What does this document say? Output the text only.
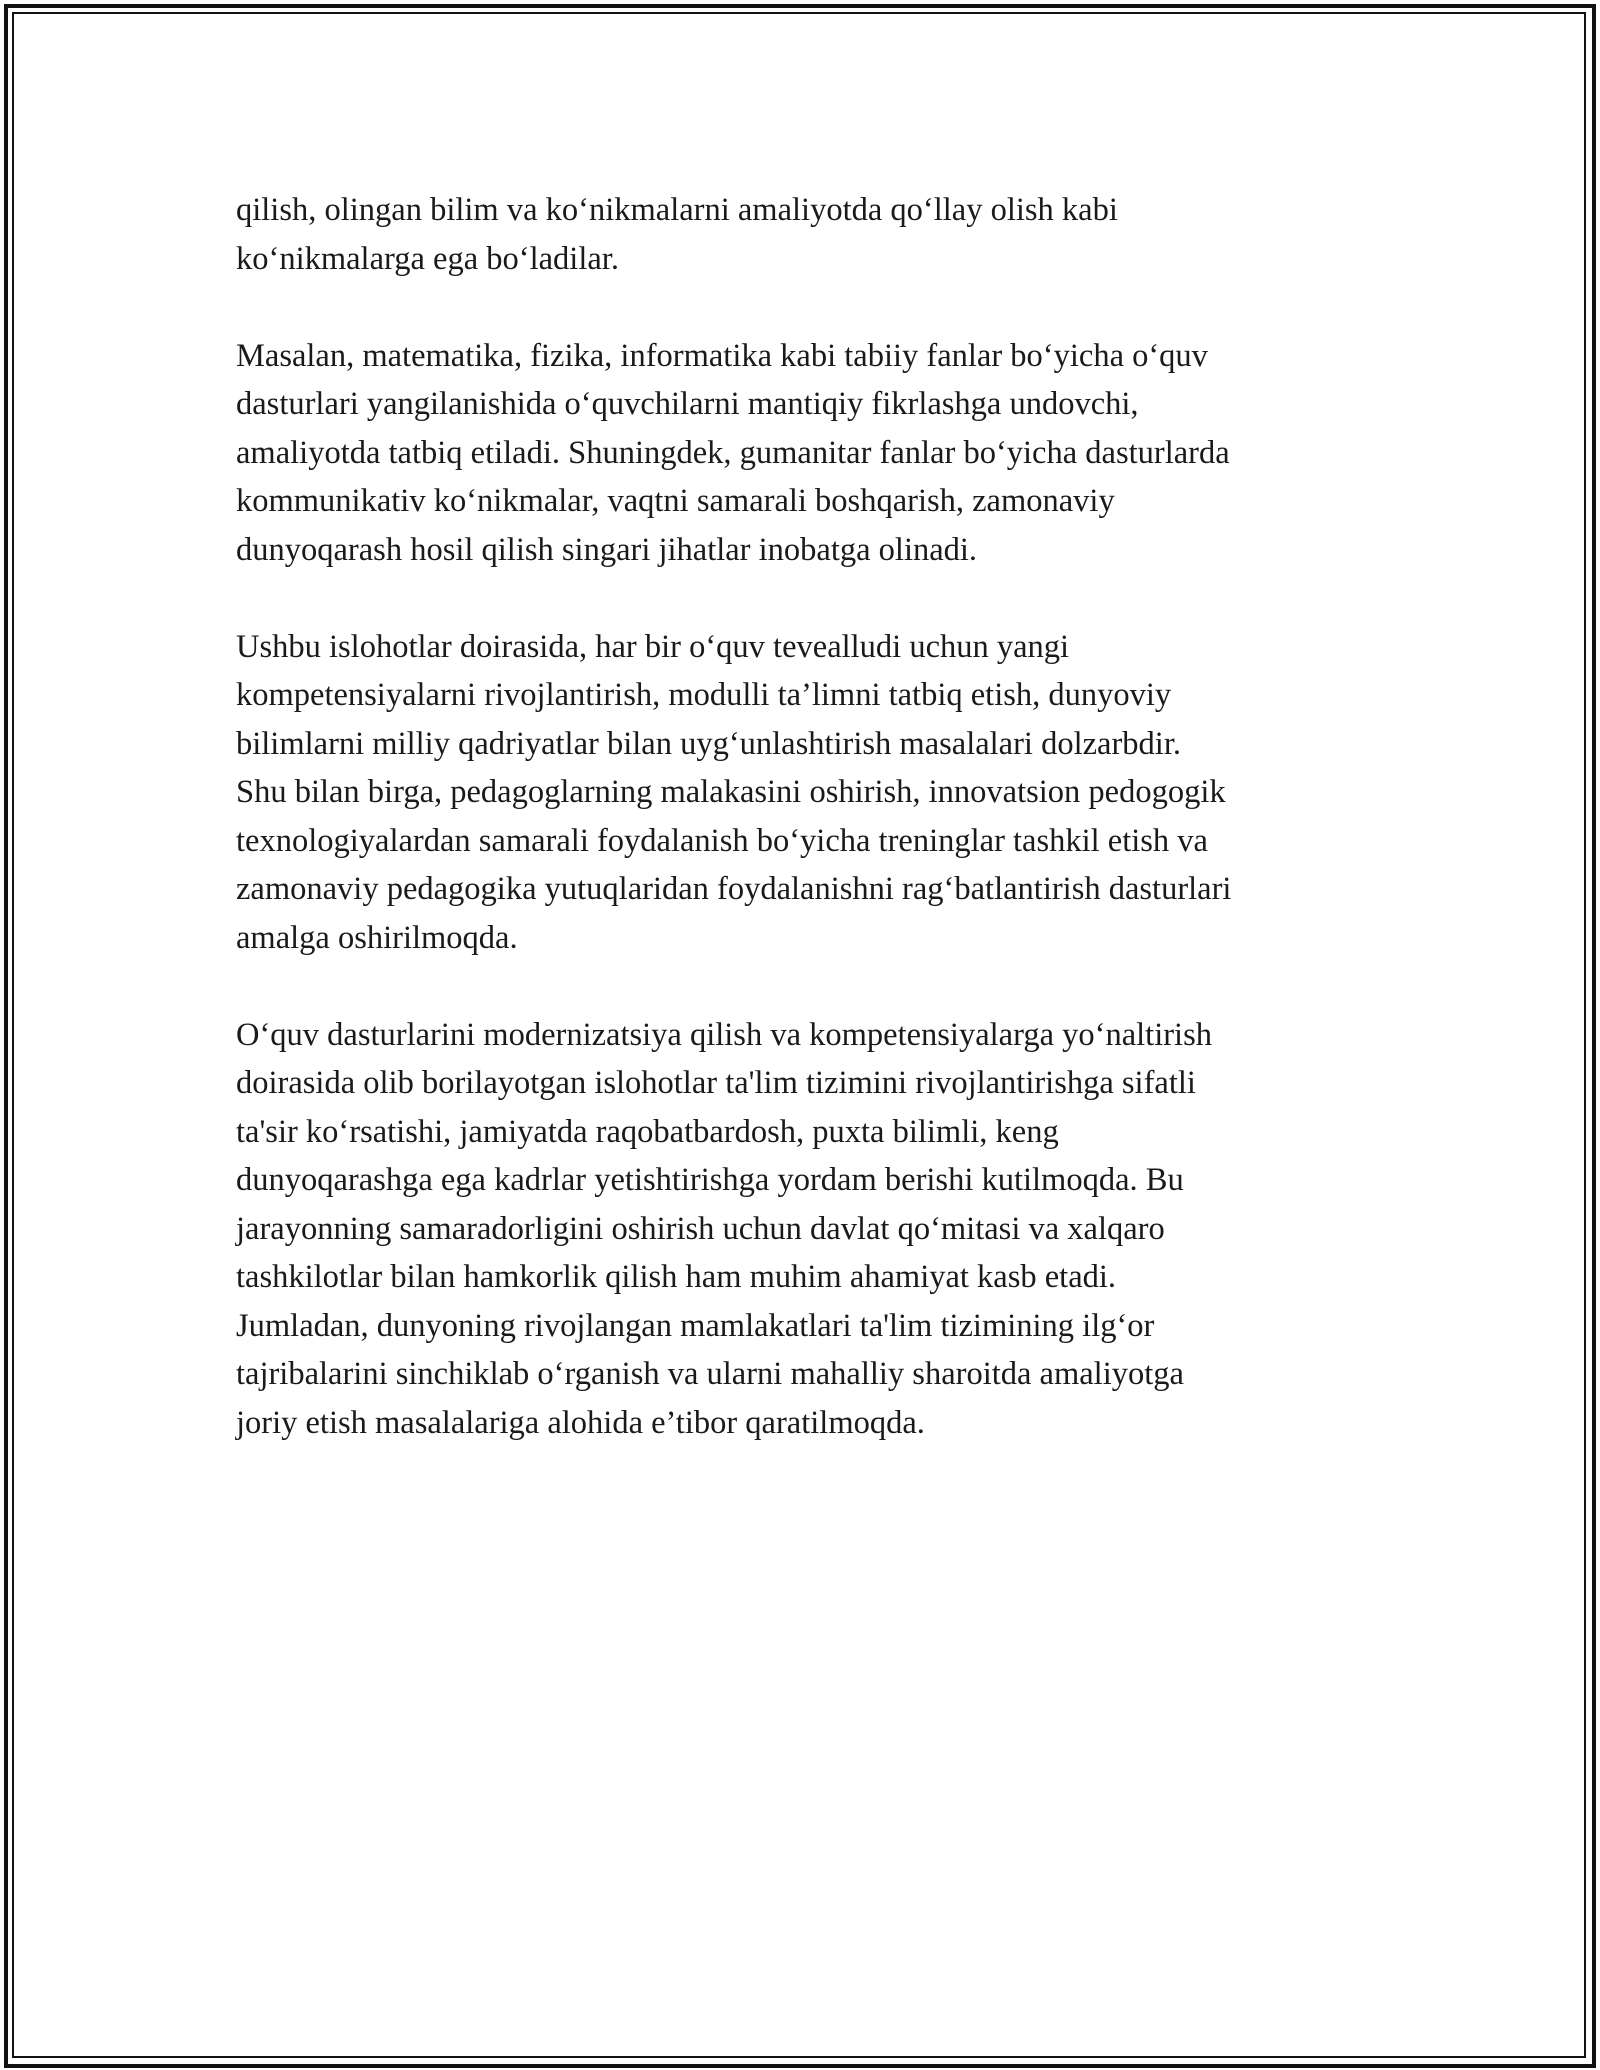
qilish, olingan bilim va ko‘nikmalarni amaliyotda qo‘llay olish kabi
ko‘nikmalarga ega bo‘ladilar.

Masalan, matematika, fizika, informatika kabi tabiiy fanlar bo‘yicha o‘quv
dasturlari yangilanishida o‘quvchilarni mantiqiy fikrlashga undovchi,
amaliyotda tatbiq etiladi. Shuningdek, gumanitar fanlar bo‘yicha dasturlarda
kommunikativ ko‘nikmalar, vaqtni samarali boshqarish, zamonaviy
dunyoqarash hosil qilish singari jihatlar inobatga olinadi.

Ushbu islohotlar doirasida, har bir o‘quv tevealludi uchun yangi
kompetensiyalarni rivojlantirish, modulli ta’limni tatbiq etish, dunyoviy
bilimlarni milliy qadriyatlar bilan uyg‘unlashtirish masalalari dolzarbdir.
Shu bilan birga, pedagoglarning malakasini oshirish, innovatsion pedogogik
texnologiyalardan samarali foydalanish bo‘yicha treninglar tashkil etish va
zamonaviy pedagogika yutuqlaridan foydalanishni rag‘batlantirish dasturlari
amalga oshirilmoqda.

O‘quv dasturlarini modernizatsiya qilish va kompetensiyalarga yo‘naltirish
doirasida olib borilayotgan islohotlar ta'lim tizimini rivojlantirishga sifatli
ta'sir ko‘rsatishi, jamiyatda raqobatbardosh, puxta bilimli, keng
dunyoqarashga ega kadrlar yetishtirishga yordam berishi kutilmoqda. Bu
jarayonning samaradorligini oshirish uchun davlat qo‘mitasi va xalqaro
tashkilotlar bilan hamkorlik qilish ham muhim ahamiyat kasb etadi.
Jumladan, dunyoning rivojlangan mamlakatlari ta'lim tizimining ilg‘or
tajribalarini sinchiklab o‘rganish va ularni mahalliy sharoitda amaliyotga
joriy etish masalalariga alohida e’tibor qaratilmoqda.
